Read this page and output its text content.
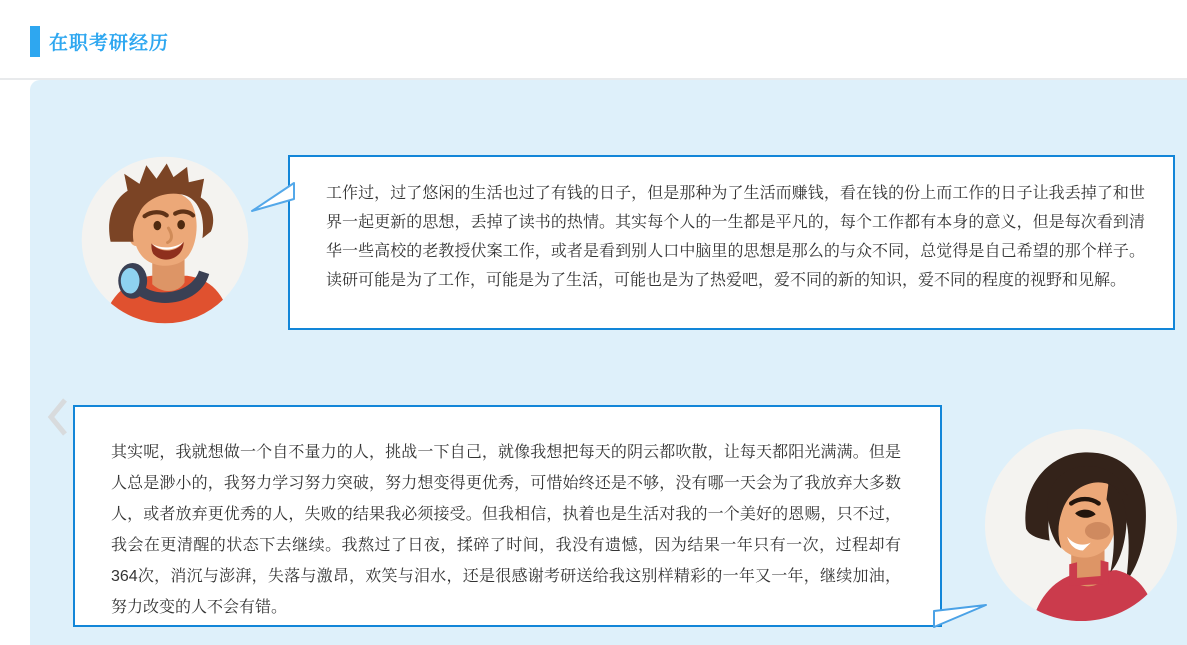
在职考研经历

工作过，过了悠闲的生活也过了有钱的日子，但是那种为了生活而赚钱，看在钱的份上而工作的日子让我丢掉了和世界一起更新的思想，丢掉了读书的热情。其实每个人的一生都是平凡的，每个工作都有本身的意义，但是每次看到清华一些高校的老教授伏案工作，或者是看到别人口中脑里的思想是那么的与众不同，总觉得是自己希望的那个样子。读研可能是为了工作，可能是为了生活，可能也是为了热爱吧，爱不同的新的知识，爱不同的程度的视野和见解。

其实呢，我就想做一个自不量力的人，挑战一下自己，就像我想把每天的阴云都吹散，让每天都阳光满满。但是人总是渺小的，我努力学习努力突破，努力想变得更优秀，可惜始终还是不够，没有哪一天会为了我放弃大多数人，或者放弃更优秀的人，失败的结果我必须接受。但我相信，执着也是生活对我的一个美好的恩赐，只不过，我会在更清醒的状态下去继续。我熬过了日夜，揉碎了时间，我没有遗憾，因为结果一年只有一次，过程却有364次，消沉与澎湃，失落与激昂，欢笑与泪水，还是很感谢考研送给我这别样精彩的一年又一年，继续加油，努力改变的人不会有错。
